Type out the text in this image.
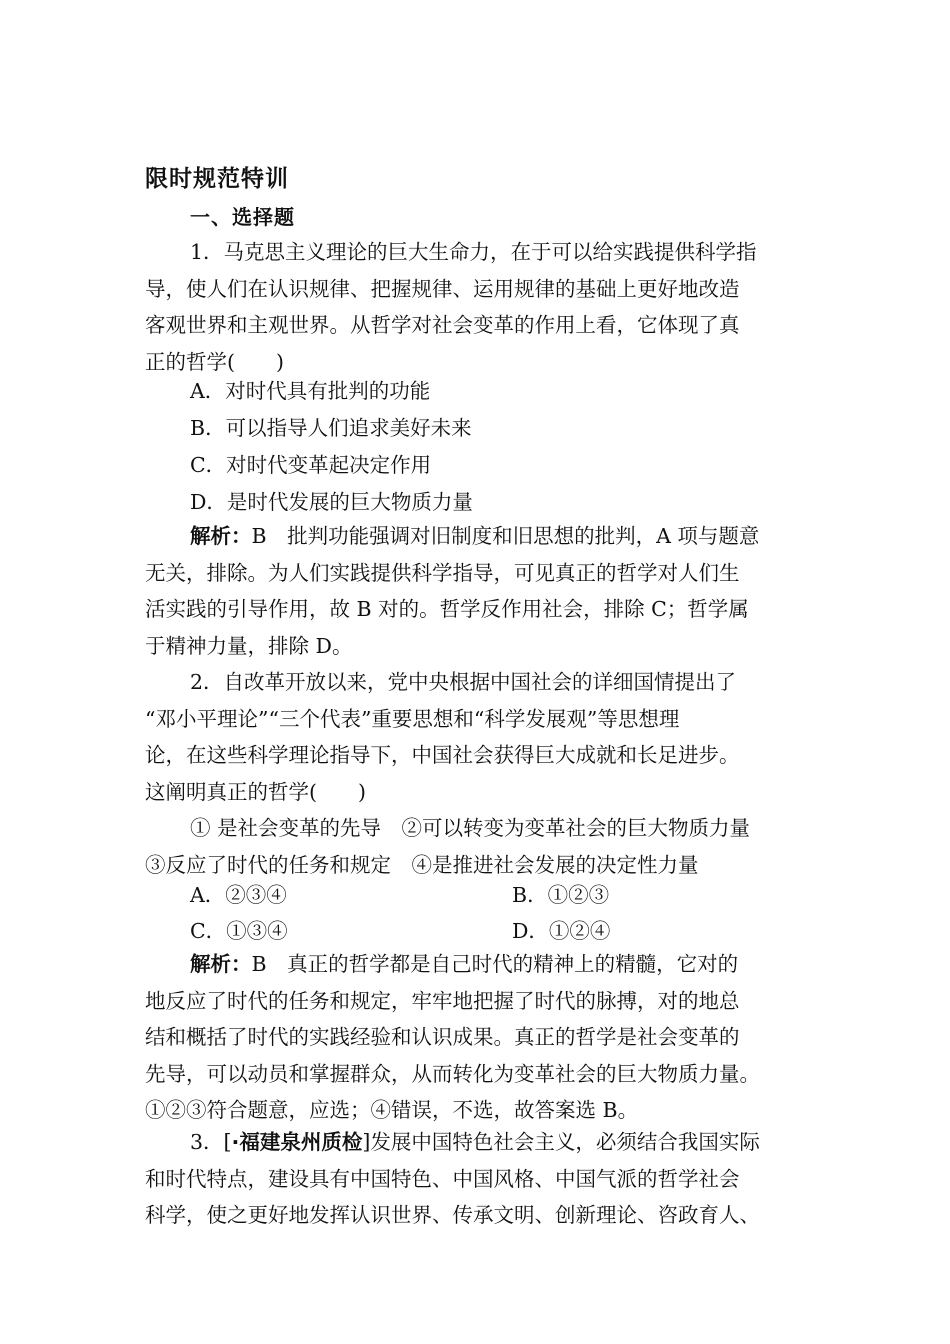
限时规范特训
一、选择题
1．马克思主义理论的巨大生命力，在于可以给实践提供科学指
导，使人们在认识规律、把握规律、运用规律的基础上更好地改造
客观世界和主观世界。从哲学对社会变革的作用上看，它体现了真
正的哲学(　　)
A．对时代具有批判的功能
B．可以指导人们追求美好未来
C．对时代变革起决定作用
D．是时代发展的巨大物质力量
解析：B　批判功能强调对旧制度和旧思想的批判，A 项与题意
无关，排除。为人们实践提供科学指导，可见真正的哲学对人们生
活实践的引导作用，故 B 对的。哲学反作用社会，排除 C；哲学属
于精神力量，排除 D。
2．自改革开放以来，党中央根据中国社会的详细国情提出了
“邓小平理论”“三个代表”重要思想和“科学发展观”等思想理
论，在这些科学理论指导下，中国社会获得巨大成就和长足进步。
这阐明真正的哲学(　　)
① 是社会变革的先导　②可以转变为变革社会的巨大物质力量
③反应了时代的任务和规定　④是推进社会发展的决定性力量
A．②③④	B．①②③
C．①③④	D．①②④
解析：B　真正的哲学都是自己时代的精神上的精髓，它对的
地反应了时代的任务和规定，牢牢地把握了时代的脉搏，对的地总
结和概括了时代的实践经验和认识成果。真正的哲学是社会变革的
先导，可以动员和掌握群众，从而转化为变革社会的巨大物质力量。
①②③符合题意，应选；④错误，不选，故答案选 B。
3．[·福建泉州质检]发展中国特色社会主义，必须结合我国实际
和时代特点，建设具有中国特色、中国风格、中国气派的哲学社会
科学，使之更好地发挥认识世界、传承文明、创新理论、咨政育人、
